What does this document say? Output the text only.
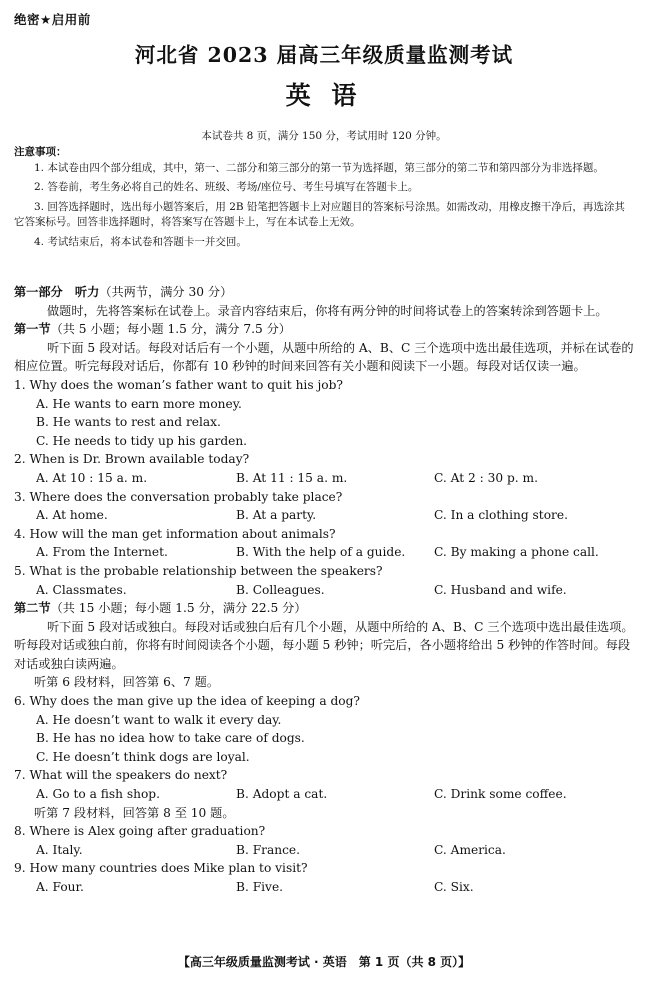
绝密★启用前
河北省 2023 届高三年级质量监测考试
英 语
本试卷共 8 页，满分 150 分，考试用时 120 分钟。
注意事项：

1. 本试卷由四个部分组成，其中，第一、二部分和第三部分的第一节为选择题，第三部分的第二节和第四部分为非选择题。

2. 答卷前，考生务必将自己的姓名、班级、考场/座位号、考生号填写在答题卡上。

3. 回答选择题时，选出每小题答案后，用 2B 铅笔把答题卡上对应题目的答案标号涂黑。如需改动，用橡皮擦干净后，再选涂其它答案标号。回答非选择题时，将答案写在答题卡上，写在本试卷上无效。

4. 考试结束后，将本试卷和答题卡一并交回。

第一部分　听力（共两节，满分 30 分）

做题时，先将答案标在试卷上。录音内容结束后，你将有两分钟的时间将试卷上的答案转涂到答题卡上。

第一节（共 5 小题；每小题 1.5 分，满分 7.5 分）

听下面 5 段对话。每段对话后有一个小题，从题中所给的 A、B、C 三个选项中选出最佳选项，并标在试卷的相应位置。听完每段对话后，你都有 10 秒钟的时间来回答有关小题和阅读下一小题。每段对话仅读一遍。

1. Why does the woman’s father want to quit his job?

A. He wants to earn more money.

B. He wants to rest and relax.

C. He needs to tidy up his garden.

2. When is Dr. Brown available today?

A. At 10 : 15 a. m.	B. At 11 : 15 a. m.	C. At 2 : 30 p. m.

3. Where does the conversation probably take place?

A. At home.	B. At a party.	C. In a clothing store.

4. How will the man get information about animals?

A. From the Internet.	B. With the help of a guide.	C. By making a phone call.

5. What is the probable relationship between the speakers?

A. Classmates.	B. Colleagues.	C. Husband and wife.

第二节（共 15 小题；每小题 1.5 分，满分 22.5 分）

听下面 5 段对话或独白。每段对话或独白后有几个小题，从题中所给的 A、B、C 三个选项中选出最佳选项。听每段对话或独白前，你将有时间阅读各个小题，每小题 5 秒钟；听完后，各小题将给出 5 秒钟的作答时间。每段对话或独白读两遍。

听第 6 段材料，回答第 6、7 题。

6. Why does the man give up the idea of keeping a dog?

A. He doesn’t want to walk it every day.

B. He has no idea how to take care of dogs.

C. He doesn’t think dogs are loyal.

7. What will the speakers do next?

A. Go to a fish shop.	B. Adopt a cat.	C. Drink some coffee.

听第 7 段材料，回答第 8 至 10 题。

8. Where is Alex going after graduation?

A. Italy.	B. France.	C. America.

9. How many countries does Mike plan to visit?

A. Four.	B. Five.	C. Six.
【高三年级质量监测考试 · 英语　第 1 页（共 8 页）】
